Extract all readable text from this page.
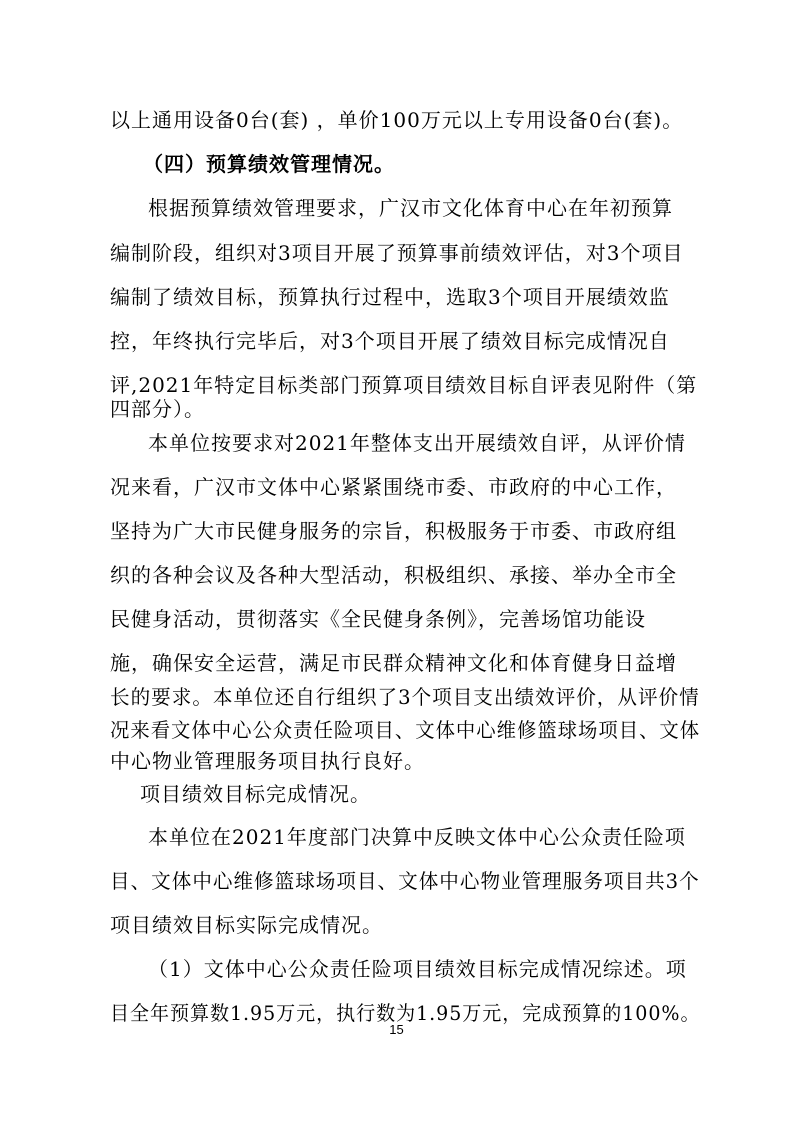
以上通用设备0台(套) ，单价100万元以上专用设备0台(套)。
（四）预算绩效管理情况。
根据预算绩效管理要求，广汉市文化体育中心在年初预算
编制阶段，组织对3项目开展了预算事前绩效评估，对3个项目
编制了绩效目标，预算执行过程中，选取3个项目开展绩效监
控，年终执行完毕后，对3个项目开展了绩效目标完成情况自
评,2021年特定目标类部门预算项目绩效目标自评表见附件（第
四部分）。
本单位按要求对2021年整体支出开展绩效自评，从评价情
况来看，广汉市文体中心紧紧围绕市委、市政府的中心工作，
坚持为广大市民健身服务的宗旨，积极服务于市委、市政府组
织的各种会议及各种大型活动，积极组织、承接、举办全市全
民健身活动，贯彻落实《全民健身条例》，完善场馆功能设
施，确保安全运营，满足市民群众精神文化和体育健身日益增
长的要求。本单位还自行组织了3个项目支出绩效评价，从评价情
况来看文体中心公众责任险项目、文体中心维修篮球场项目、文体
中心物业管理服务项目执行良好。
项目绩效目标完成情况。
本单位在2021年度部门决算中反映文体中心公众责任险项
目、文体中心维修篮球场项目、文体中心物业管理服务项目共3个
项目绩效目标实际完成情况。
（1）文体中心公众责任险项目绩效目标完成情况综述。项
目全年预算数1.95万元，执行数为1.95万元，完成预算的100%。
15
